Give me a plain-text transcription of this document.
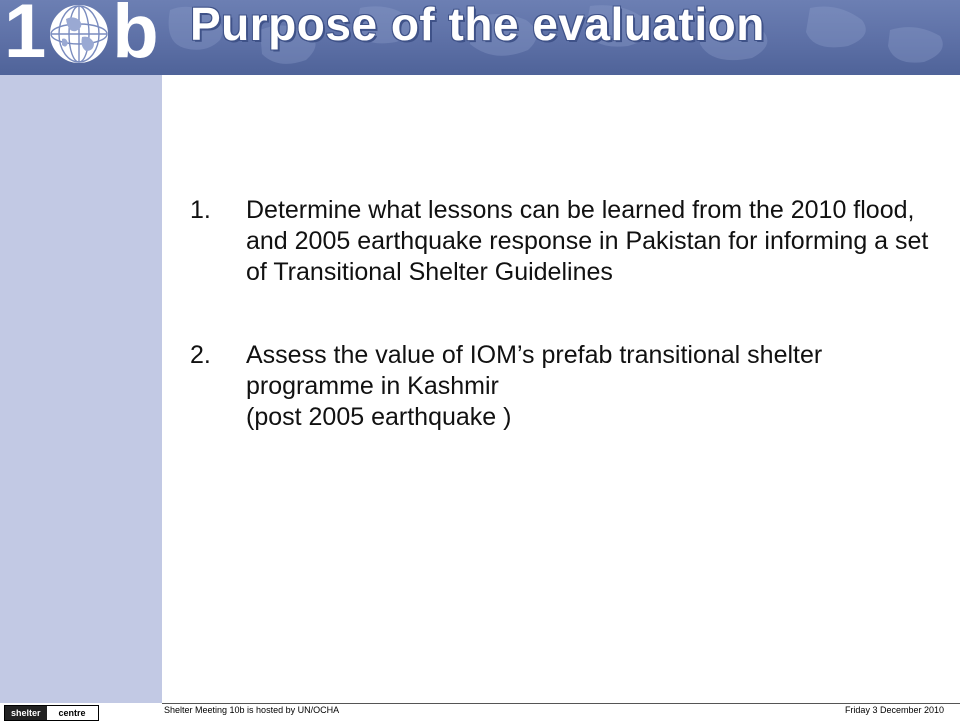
1 b Purpose of the evaluation
1.	Determine what lessons can be learned from the 2010 flood, and 2005 earthquake response in Pakistan for informing a set of Transitional Shelter Guidelines
2.	Assess the value of IOM’s prefab transitional shelter programme in Kashmir
(post 2005 earthquake )
shelter	centre	Shelter Meeting 10b is hosted by UN/OCHA	Friday 3 December 2010
